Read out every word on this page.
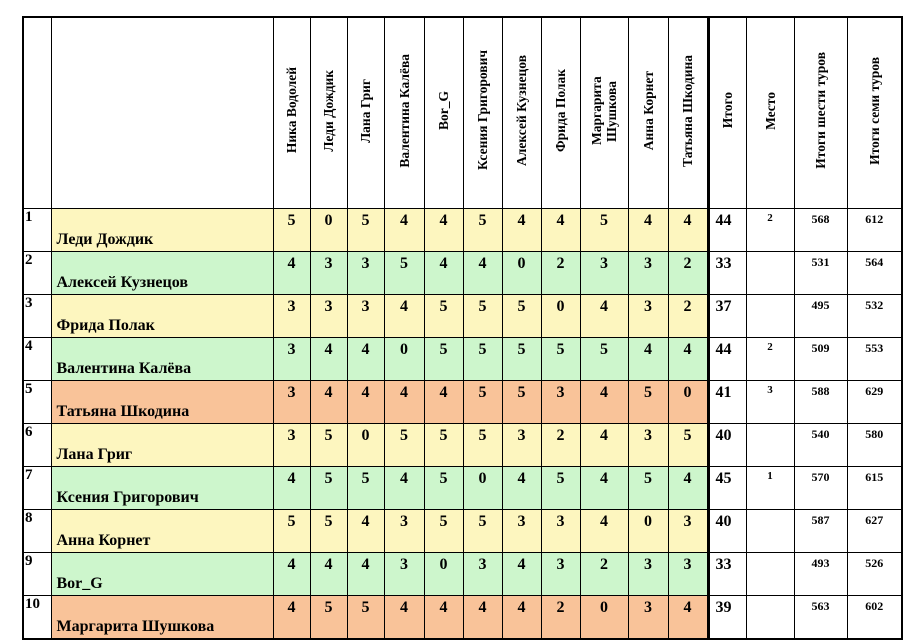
		Ника Водолей	Леди Дождик	Лана Григ	Валентина Калёва	Bor_G	Ксения Григорович	Алексей Кузнецов	Фрида Полак	Маргарита Шушкова	Анна Корнет	Татьяна Шкодина	Итого	Место	Итоги шести туров	Итоги семи туров
1	Леди Дождик	5	0	5	4	4	5	4	4	5	4	4	44	2	568	612
2	Алексей Кузнецов	4	3	3	5	4	4	0	2	3	3	2	33		531	564
3	Фрида Полак	3	3	3	4	5	5	5	0	4	3	2	37		495	532
4	Валентина Калёва	3	4	4	0	5	5	5	5	5	4	4	44	2	509	553
5	Татьяна Шкодина	3	4	4	4	4	5	5	3	4	5	0	41	3	588	629
6	Лана Григ	3	5	0	5	5	5	3	2	4	3	5	40		540	580
7	Ксения Григорович	4	5	5	4	5	0	4	5	4	5	4	45	1	570	615
8	Анна Корнет	5	5	4	3	5	5	3	3	4	0	3	40		587	627
9	Bor_G	4	4	4	3	0	3	4	3	2	3	3	33		493	526
10	Маргарита Шушкова	4	5	5	4	4	4	4	2	0	3	4	39		563	602
